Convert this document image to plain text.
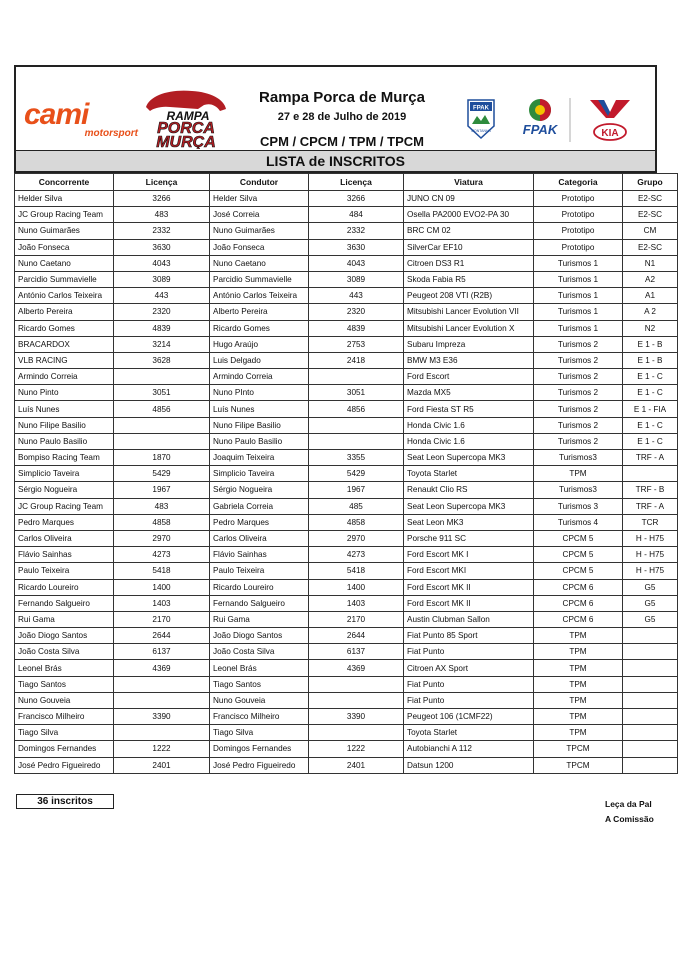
cami
motorsport
RAMPA
PORCA
MURÇA
Rampa Porca de Murça
27 e 28 de Julho de 2019
CPM / CPCM / TPM / TPCM
FPAK
MONTANHA FPAK	KIA
LISTA de INSCRITOS
Concorrente	Licença	Condutor	Licença	Viatura	Categoria	Grupo
Helder Silva	3266	Helder Silva	3266	JUNO CN 09	Prototipo	E2-SC
JC Group Racing Team	483	José Correia	484	Osella PA2000 EVO2-PA 30	Prototipo	E2-SC
Nuno Guimarães	2332	Nuno Guimarães	2332	BRC CM 02	Prototipo	CM
João Fonseca	3630	João Fonseca	3630	SilverCar EF10	Prototipo	E2-SC
Nuno Caetano	4043	Nuno Caetano	4043	Citroen DS3 R1	Turismos 1	N1
Parcidio Summavielle	3089	Parcidio Summavielle	3089	Skoda Fabia R5	Turismos 1	A2
António Carlos Teixeira	443	António Carlos Teixeira	443	Peugeot 208 VTI (R2B)	Turismos 1	A1
Alberto Pereira	2320	Alberto Pereira	2320	Mitsubishi Lancer Evolution VII	Turismos 1	A 2
Ricardo Gomes	4839	Ricardo Gomes	4839	Mitsubishi Lancer Evolution X	Turismos 1	N2
BRACARDOX	3214	Hugo Araújo	2753	Subaru Impreza	Turismos 2	E 1 - B
VLB RACING	3628	Luis Delgado	2418	BMW M3 E36	Turismos 2	E 1 - B
Armindo Correia		Armindo Correia		Ford Escort	Turismos 2	E 1 - C
Nuno Pinto	3051	Nuno PInto	3051	Mazda MX5	Turismos 2	E 1 - C
Luís Nunes	4856	Luís Nunes	4856	Ford Fiesta ST R5	Turismos 2	E 1 - FIA
Nuno Filipe Basilio		Nuno Filipe Basilio		Honda Civic 1.6	Turismos 2	E 1 - C
Nuno Paulo Basilio		Nuno Paulo Basilio		Honda Civic 1.6	Turismos 2	E 1 - C
Bompiso Racing Team	1870	Joaquim Teixeira	3355	Seat Leon Supercopa MK3	Turismos3	TRF - A
Simplicio Taveira	5429	Simplicio Taveira	5429	Toyota Starlet	TPM	
Sérgio Nogueira	1967	Sérgio Nogueira	1967	Renaukt Clio RS	Turismos3	TRF - B
JC Group Racing Team	483	Gabriela Correia	485	Seat Leon Supercopa MK3	Turismos 3	TRF - A
Pedro Marques	4858	Pedro Marques	4858	Seat Leon MK3	Turismos 4	TCR
Carlos Oliveira	2970	Carlos Oliveira	2970	Porsche 911 SC	CPCM 5	H - H75
Flávio Sainhas	4273	Flávio Sainhas	4273	Ford Escort MK I	CPCM 5	H - H75
Paulo Teixeira	5418	Paulo Teixeira	5418	Ford Escort MKI	CPCM 5	H - H75
Ricardo Loureiro	1400	Ricardo Loureiro	1400	Ford Escort MK II	CPCM 6	G5
Fernando Salgueiro	1403	Fernando Salgueiro	1403	Ford Escort MK II	CPCM 6	G5
Rui Gama	2170	Rui Gama	2170	Austin Clubman Sallon	CPCM 6	G5
João Diogo Santos	2644	João Diogo Santos	2644	Fiat Punto 85 Sport	TPM	
João Costa Silva	6137	João Costa Silva	6137	Fiat Punto	TPM	
Leonel Brás	4369	Leonel Brás	4369	Citroen AX Sport	TPM	
Tiago Santos		Tiago Santos		Fiat Punto	TPM	
Nuno Gouveia		Nuno Gouveia		Fiat Punto	TPM	
Francisco Milheiro	3390	Francisco Milheiro	3390	Peugeot 106 (1CMF22)	TPM	
Tiago Silva		Tiago Silva		Toyota Starlet	TPM	
Domingos Fernandes	1222	Domingos Fernandes	1222	Autobianchi A 112	TPCM	
José Pedro Figueiredo	2401	José Pedro Figueiredo	2401	Datsun 1200	TPCM	
36 inscritos	Leça da Pal
A Comissão
